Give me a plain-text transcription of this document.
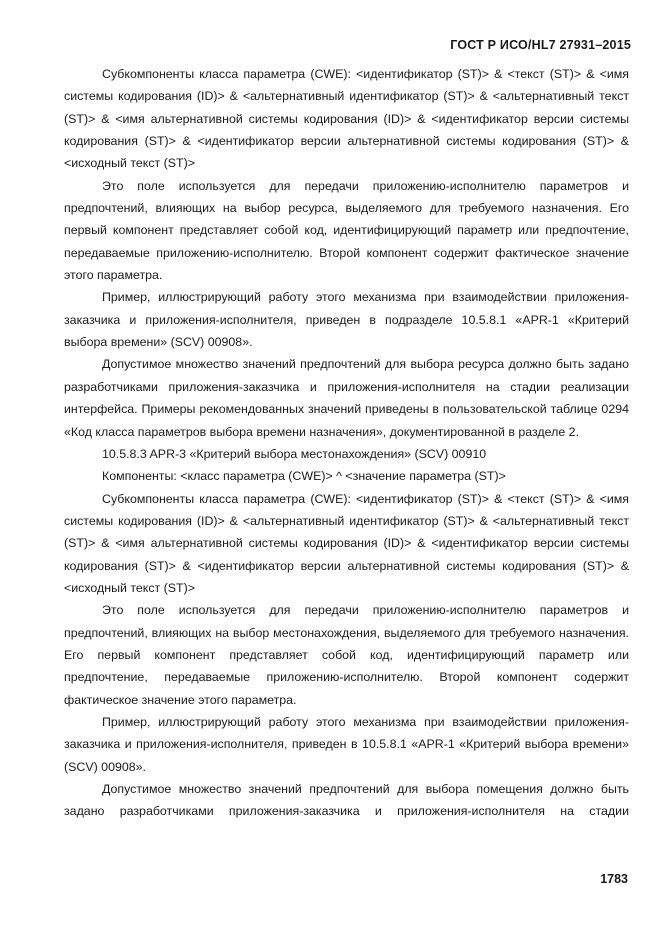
ГОСТ Р ИСО/HL7 27931–2015

Субкомпоненты класса параметра (CWE): <идентификатор (ST)> & <текст (ST)> & <имя системы кодирования (ID)> & <альтернативный идентификатор (ST)> & <альтернативный текст (ST)> & <имя альтернативной системы кодирования (ID)> & <идентификатор версии системы кодирования (ST)> & <идентификатор версии альтернативной системы кодирования (ST)> & <исходный текст (ST)>

Это поле используется для передачи приложению-исполнителю параметров и предпочтений, влияющих на выбор ресурса, выделяемого для требуемого назначения. Его первый компонент представляет собой код, идентифицирующий параметр или предпочтение, передаваемые приложению-исполнителю. Второй компонент содержит фактическое значение этого параметра.

Пример, иллюстрирующий работу этого механизма при взаимодействии приложения-заказчика и приложения-исполнителя, приведен в подразделе 10.5.8.1 «APR-1 «Критерий выбора времени» (SCV) 00908».

Допустимое множество значений предпочтений для выбора ресурса должно быть задано разработчиками приложения-заказчика и приложения-исполнителя на стадии реализации интерфейса. Примеры рекомендованных значений приведены в пользовательской таблице 0294 «Код класса параметров выбора времени назначения», документированной в разделе 2.

10.5.8.3 APR-3 «Критерий выбора местонахождения» (SCV) 00910

Компоненты: <класс параметра (CWE)> ^ <значение параметра (ST)>

Субкомпоненты класса параметра (CWE): <идентификатор (ST)> & <текст (ST)> & <имя системы кодирования (ID)> & <альтернативный идентификатор (ST)> & <альтернативный текст (ST)> & <имя альтернативной системы кодирования (ID)> & <идентификатор версии системы кодирования (ST)> & <идентификатор версии альтернативной системы кодирования (ST)> & <исходный текст (ST)>

Это поле используется для передачи приложению-исполнителю параметров и предпочтений, влияющих на выбор местонахождения, выделяемого для требуемого назначения. Его первый компонент представляет собой код, идентифицирующий параметр или предпочтение, передаваемые приложению-исполнителю. Второй компонент содержит фактическое значение этого параметра.

Пример, иллюстрирующий работу этого механизма при взаимодействии приложения-заказчика и приложения-исполнителя, приведен в 10.5.8.1 «APR-1 «Критерий выбора времени» (SCV) 00908».

Допустимое множество значений предпочтений для выбора помещения должно быть задано разработчиками приложения-заказчика и приложения-исполнителя на стадии

1783
